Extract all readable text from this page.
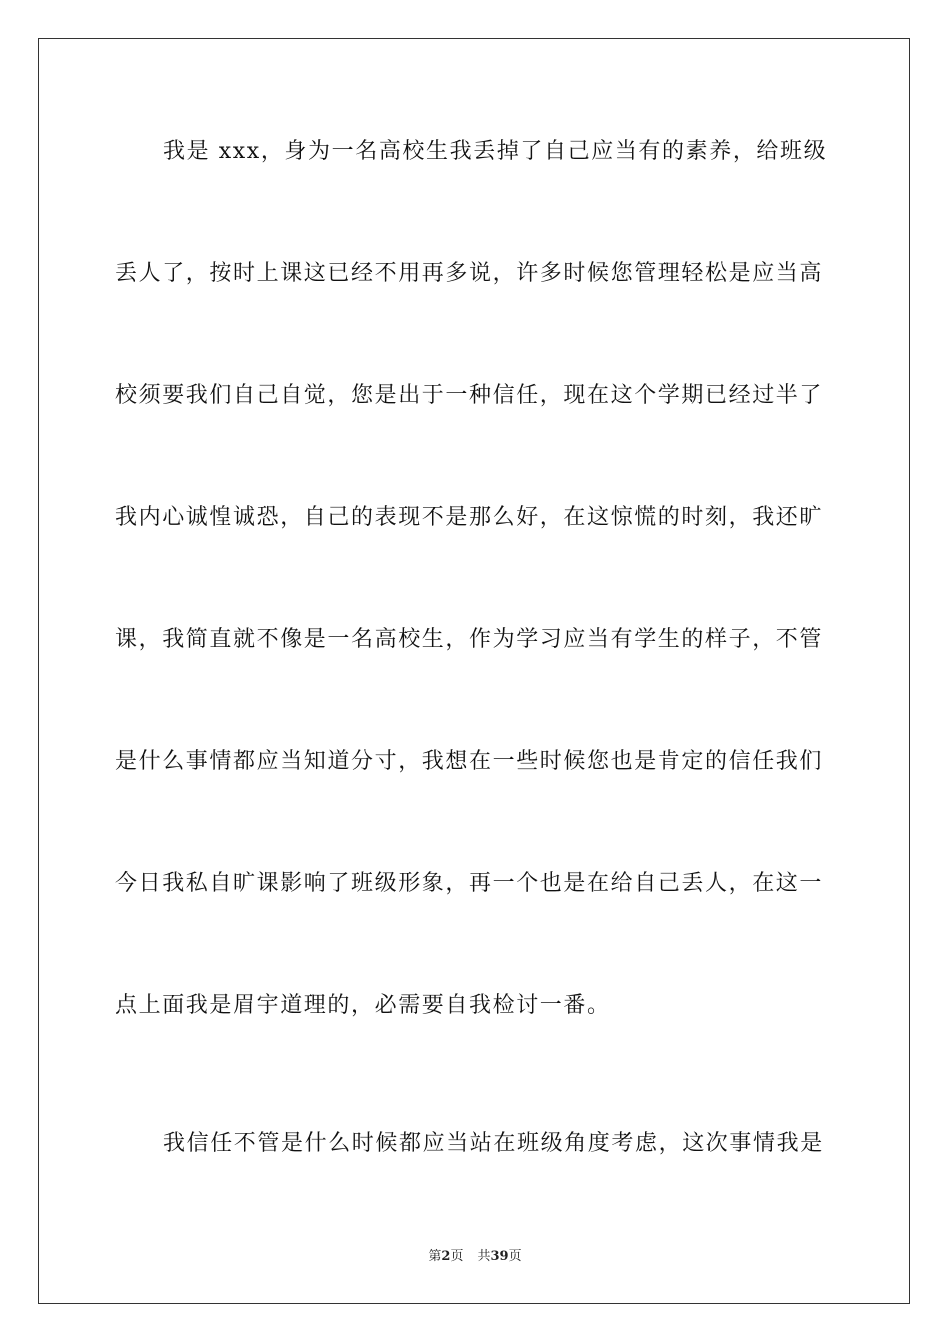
我是 xxx，身为一名高校生我丢掉了自己应当有的素养，给班级
丢人了，按时上课这已经不用再多说，许多时候您管理轻松是应当高
校须要我们自己自觉，您是出于一种信任，现在这个学期已经过半了
我内心诚惶诚恐，自己的表现不是那么好，在这惊慌的时刻，我还旷
课，我简直就不像是一名高校生，作为学习应当有学生的样子，不管
是什么事情都应当知道分寸，我想在一些时候您也是肯定的信任我们
今日我私自旷课影响了班级形象，再一个也是在给自己丢人，在这一
点上面我是眉宇道理的，必需要自我检讨一番。
我信任不管是什么时候都应当站在班级角度考虑，这次事情我是
第2页 共39页
